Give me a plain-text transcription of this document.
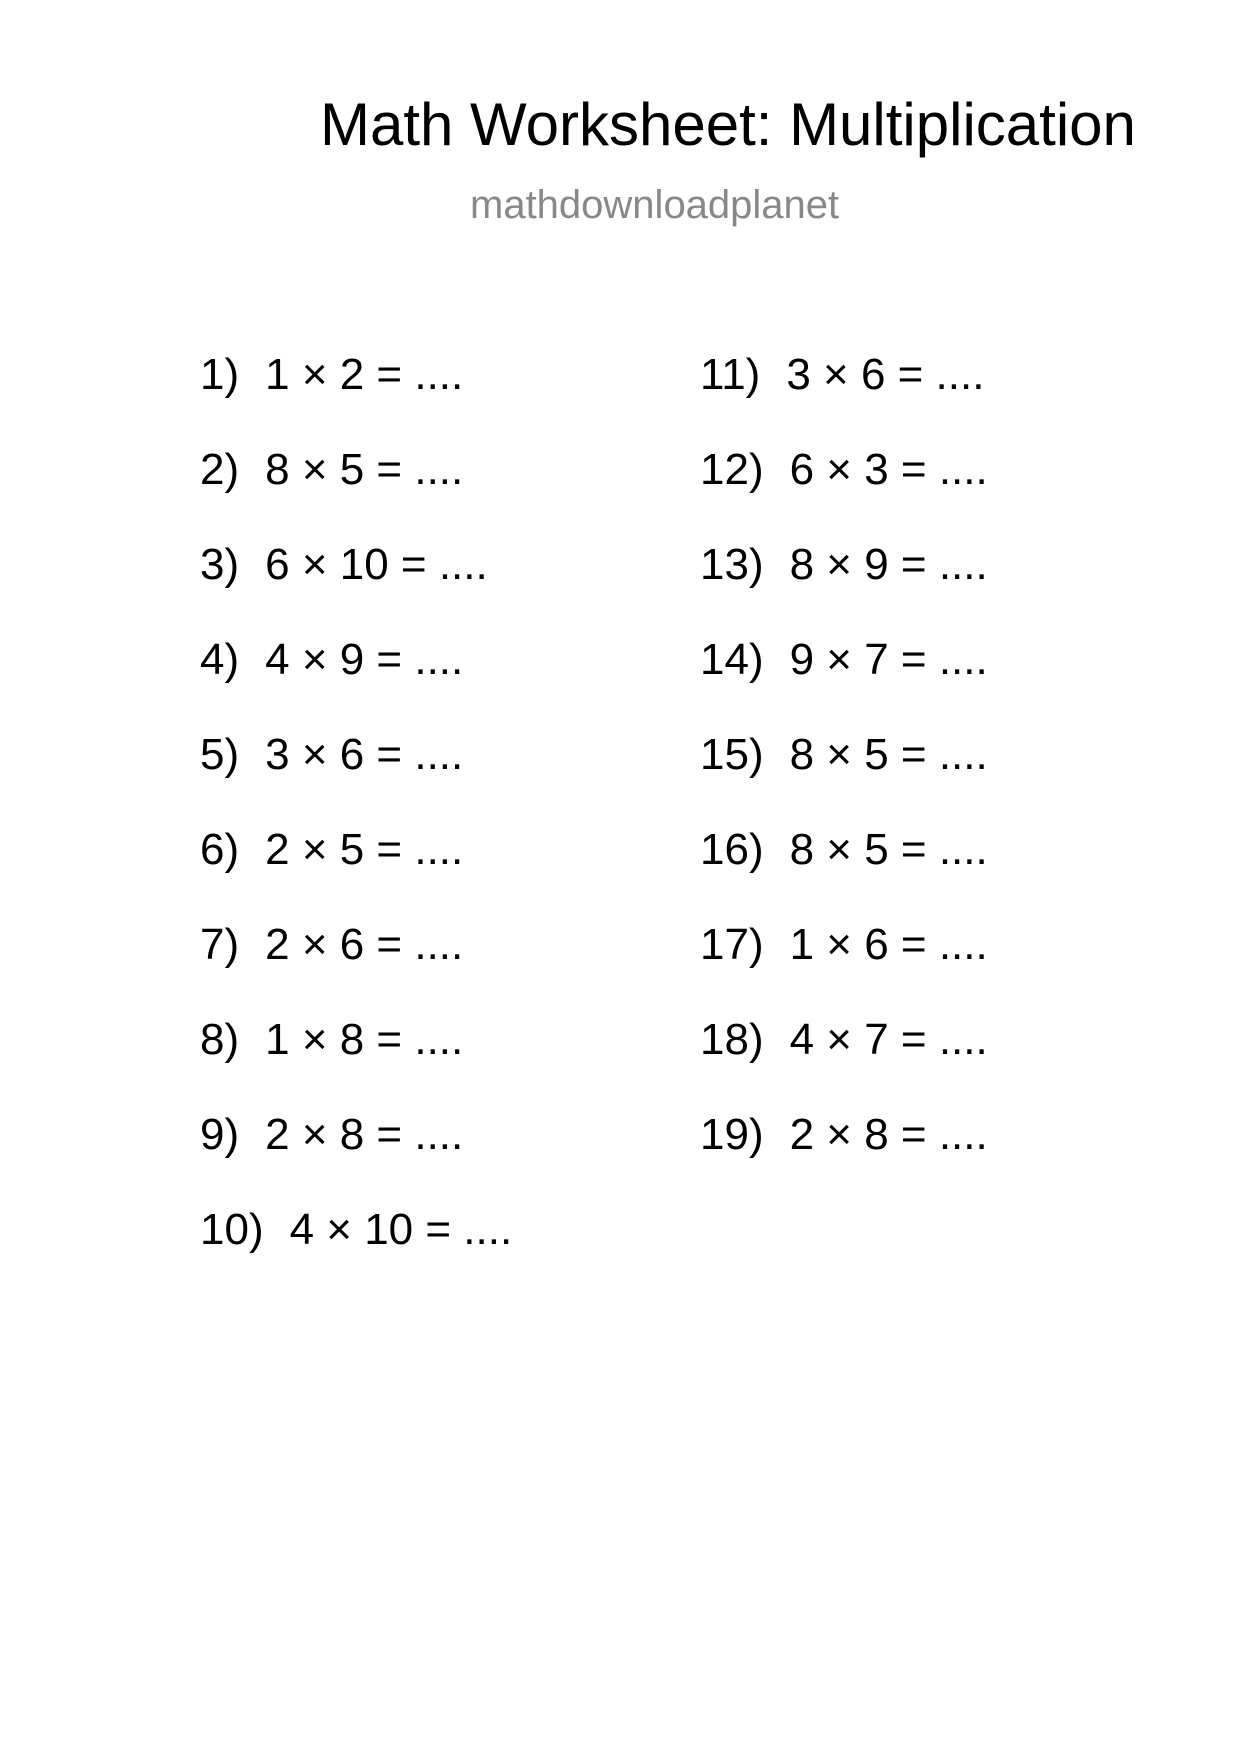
Math Worksheet: Multiplication
mathdownloadplanet
1) 1 × 2 = ....
2) 8 × 5 = ....
3) 6 × 10 = ....
4) 4 × 9 = ....
5) 3 × 6 = ....
6) 2 × 5 = ....
7) 2 × 6 = ....
8) 1 × 8 = ....
9) 2 × 8 = ....
10) 4 × 10 = ....
11) 3 × 6 = ....
12) 6 × 3 = ....
13) 8 × 9 = ....
14) 9 × 7 = ....
15) 8 × 5 = ....
16) 8 × 5 = ....
17) 1 × 6 = ....
18) 4 × 7 = ....
19) 2 × 8 = ....
